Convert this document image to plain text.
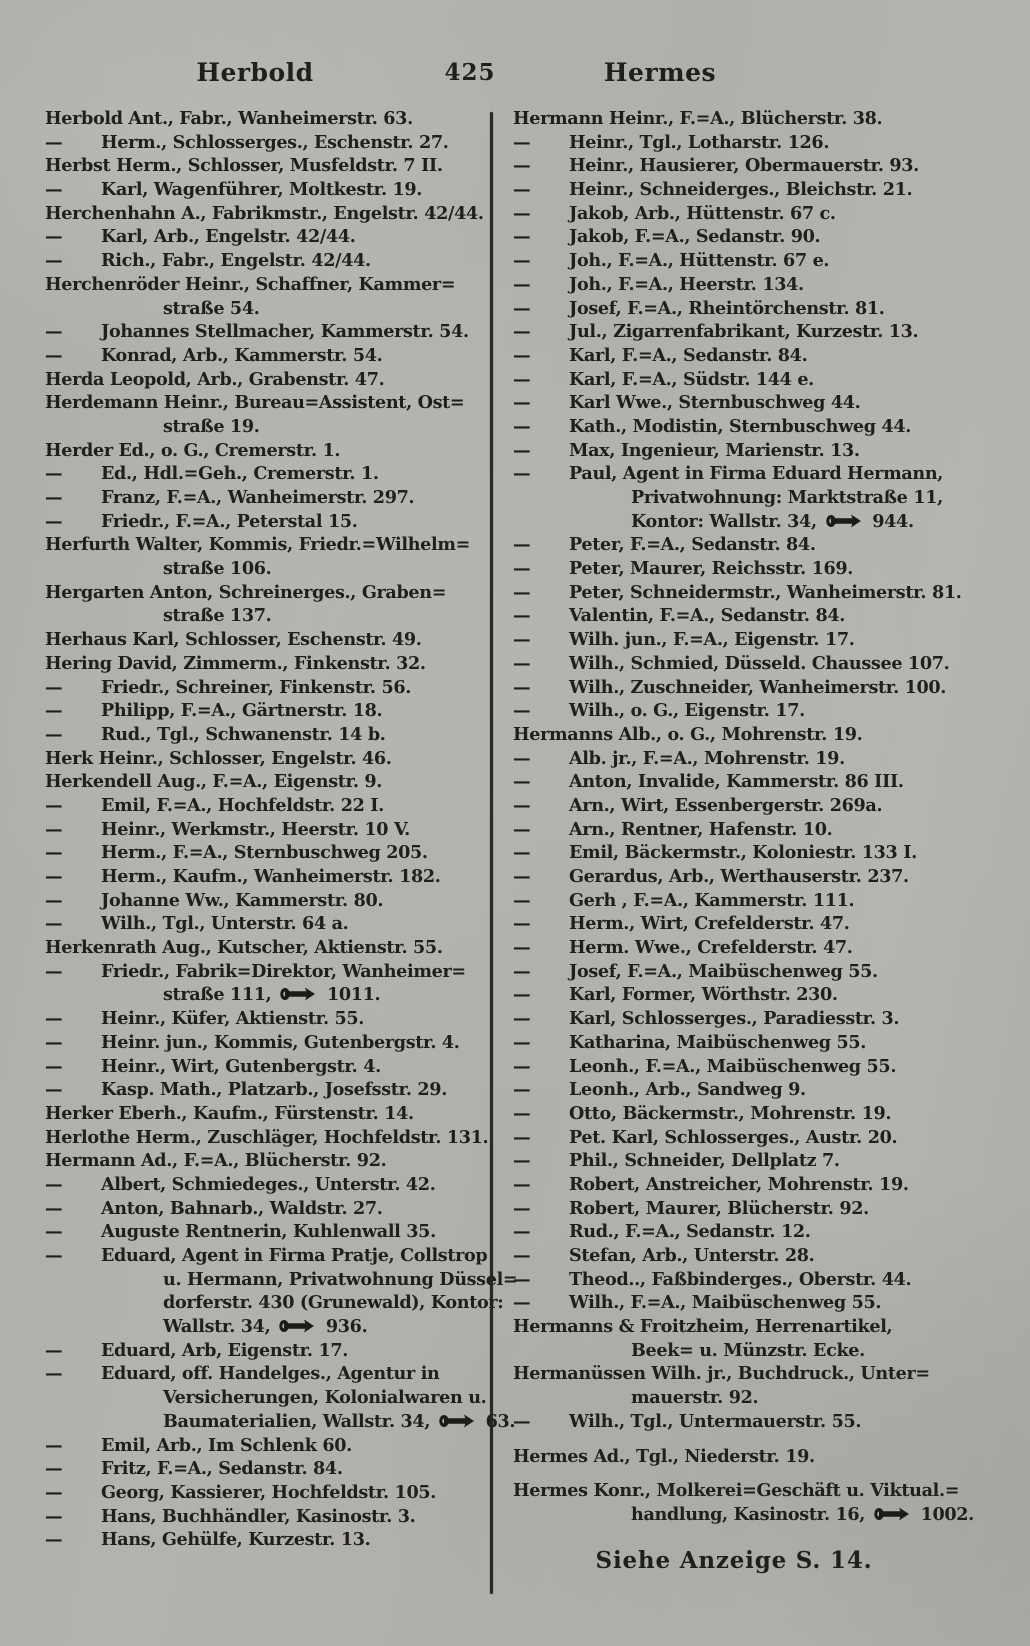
Herbold	425	Hermes
Herbold Ant., Fabr., Wanheimerstr. 63.
— Herm., Schlosserges., Eschenstr. 27.
Herbst Herm., Schlosser, Musfeldstr. 7 II.
— Karl, Wagenführer, Moltkestr. 19.
Herchenhahn A., Fabrikmstr., Engelstr. 42/44.
— Karl, Arb., Engelstr. 42/44.
— Rich., Fabr., Engelstr. 42/44.
Herchenröder Heinr., Schaffner, Kammer=
straße 54.
— Johannes Stellmacher, Kammerstr. 54.
— Konrad, Arb., Kammerstr. 54.
Herda Leopold, Arb., Grabenstr. 47.
Herdemann Heinr., Bureau=Assistent, Ost=
straße 19.
Herder Ed., o. G., Cremerstr. 1.
— Ed., Hdl.=Geh., Cremerstr. 1.
— Franz, F.=A., Wanheimerstr. 297.
— Friedr., F.=A., Peterstal 15.
Herfurth Walter, Kommis, Friedr.=Wilhelm=
straße 106.
Hergarten Anton, Schreinerges., Graben=
straße 137.
Herhaus Karl, Schlosser, Eschenstr. 49.
Hering David, Zimmerm., Finkenstr. 32.
— Friedr., Schreiner, Finkenstr. 56.
— Philipp, F.=A., Gärtnerstr. 18.
— Rud., Tgl., Schwanenstr. 14 b.
Herk Heinr., Schlosser, Engelstr. 46.
Herkendell Aug., F.=A., Eigenstr. 9.
— Emil, F.=A., Hochfeldstr. 22 I.
— Heinr., Werkmstr., Heerstr. 10 V.
— Herm., F.=A., Sternbuschweg 205.
— Herm., Kaufm., Wanheimerstr. 182.
— Johanne Ww., Kammerstr. 80.
— Wilh., Tgl., Unterstr. 64 a.
Herkenrath Aug., Kutscher, Aktienstr. 55.
— Friedr., Fabrik=Direktor, Wanheimer=
straße 111,	1011.
— Heinr., Küfer, Aktienstr. 55.
— Heinr. jun., Kommis, Gutenbergstr. 4.
— Heinr., Wirt, Gutenbergstr. 4.
— Kasp. Math., Platzarb., Josefsstr. 29.
Herker Eberh., Kaufm., Fürstenstr. 14.
Herlothe Herm., Zuschläger, Hochfeldstr. 131.
Hermann Ad., F.=A., Blücherstr. 92.
— Albert, Schmiedeges., Unterstr. 42.
— Anton, Bahnarb., Waldstr. 27.
— Auguste Rentnerin, Kuhlenwall 35.
— Eduard, Agent in Firma Pratje, Collstrop
u. Hermann, Privatwohnung Düssel=
dorferstr. 430 (Grunewald), Kontor:
Wallstr. 34,	936.
— Eduard, Arb, Eigenstr. 17.
— Eduard, off. Handelges., Agentur in
Versicherungen, Kolonialwaren u.
Baumaterialien, Wallstr. 34,	63.
— Emil, Arb., Im Schlenk 60.
— Fritz, F.=A., Sedanstr. 84.
— Georg, Kassierer, Hochfeldstr. 105.
— Hans, Buchhändler, Kasinostr. 3.
— Hans, Gehülfe, Kurzestr. 13.
Hermann Heinr., F.=A., Blücherstr. 38.
— Heinr., Tgl., Lotharstr. 126.
— Heinr., Hausierer, Obermauerstr. 93.
— Heinr., Schneiderges., Bleichstr. 21.
— Jakob, Arb., Hüttenstr. 67 c.
— Jakob, F.=A., Sedanstr. 90.
— Joh., F.=A., Hüttenstr. 67 e.
— Joh., F.=A., Heerstr. 134.
— Josef, F.=A., Rheintörchenstr. 81.
— Jul., Zigarrenfabrikant, Kurzestr. 13.
— Karl, F.=A., Sedanstr. 84.
— Karl, F.=A., Südstr. 144 e.
— Karl Wwe., Sternbuschweg 44.
— Kath., Modistin, Sternbuschweg 44.
— Max, Ingenieur, Marienstr. 13.
— Paul, Agent in Firma Eduard Hermann,
Privatwohnung: Marktstraße 11,
Kontor: Wallstr. 34,	944.
— Peter, F.=A., Sedanstr. 84.
— Peter, Maurer, Reichsstr. 169.
— Peter, Schneidermstr., Wanheimerstr. 81.
— Valentin, F.=A., Sedanstr. 84.
— Wilh. jun., F.=A., Eigenstr. 17.
— Wilh., Schmied, Düsseld. Chaussee 107.
— Wilh., Zuschneider, Wanheimerstr. 100.
— Wilh., o. G., Eigenstr. 17.
Hermanns Alb., o. G., Mohrenstr. 19.
— Alb. jr., F.=A., Mohrenstr. 19.
— Anton, Invalide, Kammerstr. 86 III.
— Arn., Wirt, Essenbergerstr. 269a.
— Arn., Rentner, Hafenstr. 10.
— Emil, Bäckermstr., Koloniestr. 133 I.
— Gerardus, Arb., Werthauserstr. 237.
— Gerh , F.=A., Kammerstr. 111.
— Herm., Wirt, Crefelderstr. 47.
— Herm. Wwe., Crefelderstr. 47.
— Josef, F.=A., Maibüschenweg 55.
— Karl, Former, Wörthstr. 230.
— Karl, Schlosserges., Paradiesstr. 3.
— Katharina, Maibüschenweg 55.
— Leonh., F.=A., Maibüschenweg 55.
— Leonh., Arb., Sandweg 9.
— Otto, Bäckermstr., Mohrenstr. 19.
— Pet. Karl, Schlosserges., Austr. 20.
— Phil., Schneider, Dellplatz 7.
— Robert, Anstreicher, Mohrenstr. 19.
— Robert, Maurer, Blücherstr. 92.
— Rud., F.=A., Sedanstr. 12.
— Stefan, Arb., Unterstr. 28.
— Theod.., Faßbinderges., Oberstr. 44.
— Wilh., F.=A., Maibüschenweg 55.
Hermanns & Froitzheim, Herrenartikel,
Beek= u. Münzstr. Ecke.
Hermanüssen Wilh. jr., Buchdruck., Unter=
mauerstr. 92.
— Wilh., Tgl., Untermauerstr. 55.
Hermes Ad., Tgl., Niederstr. 19.
Hermes Konr., Molkerei=Geschäft u. Viktual.=
handlung, Kasinostr. 16,	1002.
Siehe Anzeige S. 14.
